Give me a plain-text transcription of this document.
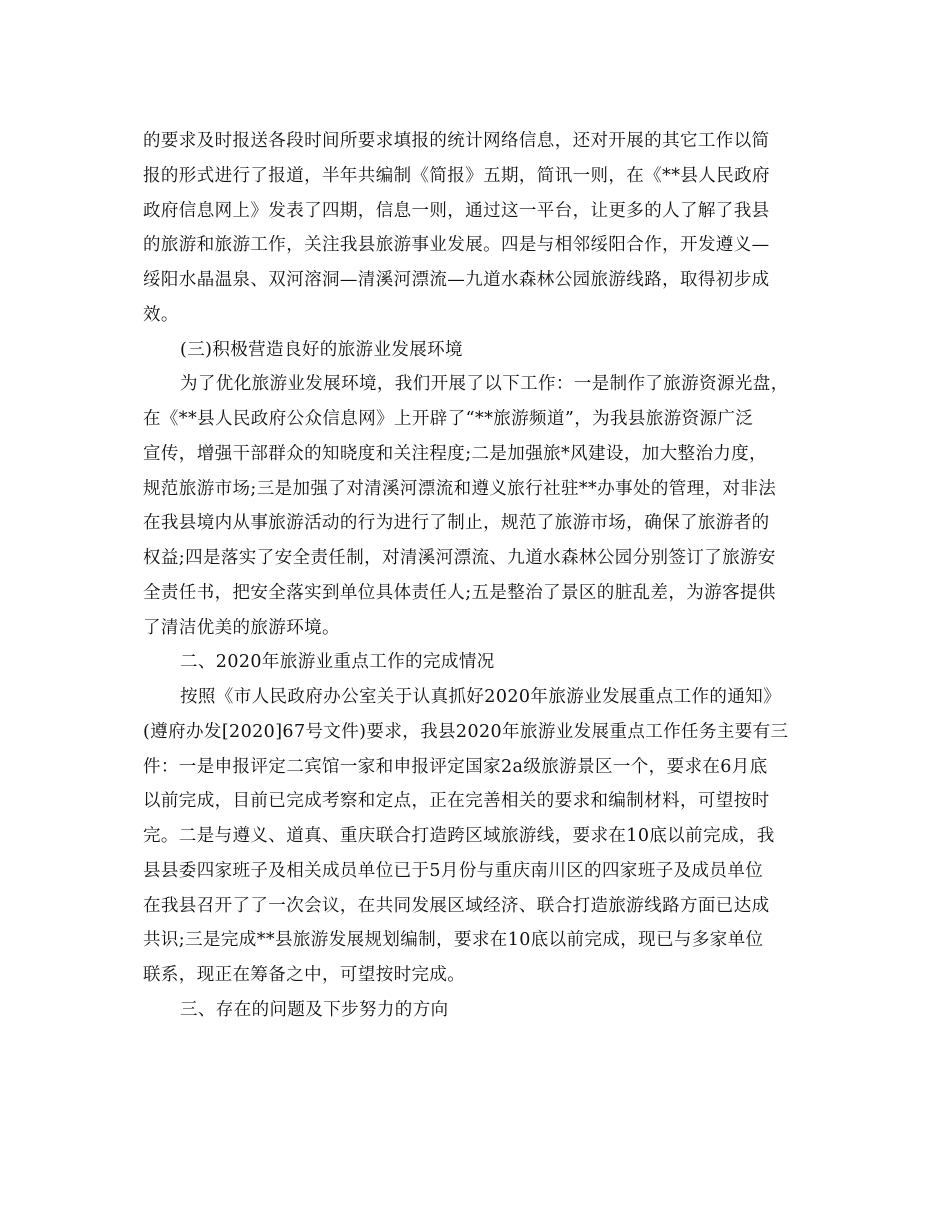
的要求及时报送各段时间所要求填报的统计网络信息，还对开展的其它工作以简
报的形式进行了报道，半年共编制《简报》五期，简讯一则，在《**县人民政府
政府信息网上》发表了四期，信息一则，通过这一平台，让更多的人了解了我县
的旅游和旅游工作，关注我县旅游事业发展。四是与相邻绥阳合作，开发遵义—
绥阳水晶温泉、双河溶洞—清溪河漂流—九道水森林公园旅游线路，取得初步成
效。
(三)积极营造良好的旅游业发展环境
为了优化旅游业发展环境，我们开展了以下工作：一是制作了旅游资源光盘，
在《**县人民政府公众信息网》上开辟了“**旅游频道”，为我县旅游资源广泛
宣传，增强干部群众的知晓度和关注程度;二是加强旅*风建设，加大整治力度，
规范旅游市场;三是加强了对清溪河漂流和遵义旅行社驻**办事处的管理，对非法
在我县境内从事旅游活动的行为进行了制止，规范了旅游市场，确保了旅游者的
权益;四是落实了安全责任制，对清溪河漂流、九道水森林公园分别签订了旅游安
全责任书，把安全落实到单位具体责任人;五是整治了景区的脏乱差，为游客提供
了清洁优美的旅游环境。
二、2020年旅游业重点工作的完成情况
按照《市人民政府办公室关于认真抓好2020年旅游业发展重点工作的通知》
(遵府办发[2020]67号文件)要求，我县2020年旅游业发展重点工作任务主要有三
件：一是申报评定二宾馆一家和申报评定国家2a级旅游景区一个，要求在6月底
以前完成，目前已完成考察和定点，正在完善相关的要求和编制材料，可望按时
完。二是与遵义、道真、重庆联合打造跨区域旅游线，要求在10底以前完成，我
县县委四家班子及相关成员单位已于5月份与重庆南川区的四家班子及成员单位
在我县召开了了一次会议，在共同发展区域经济、联合打造旅游线路方面已达成
共识;三是完成**县旅游发展规划编制，要求在10底以前完成，现已与多家单位
联系，现正在筹备之中，可望按时完成。
三、存在的问题及下步努力的方向
